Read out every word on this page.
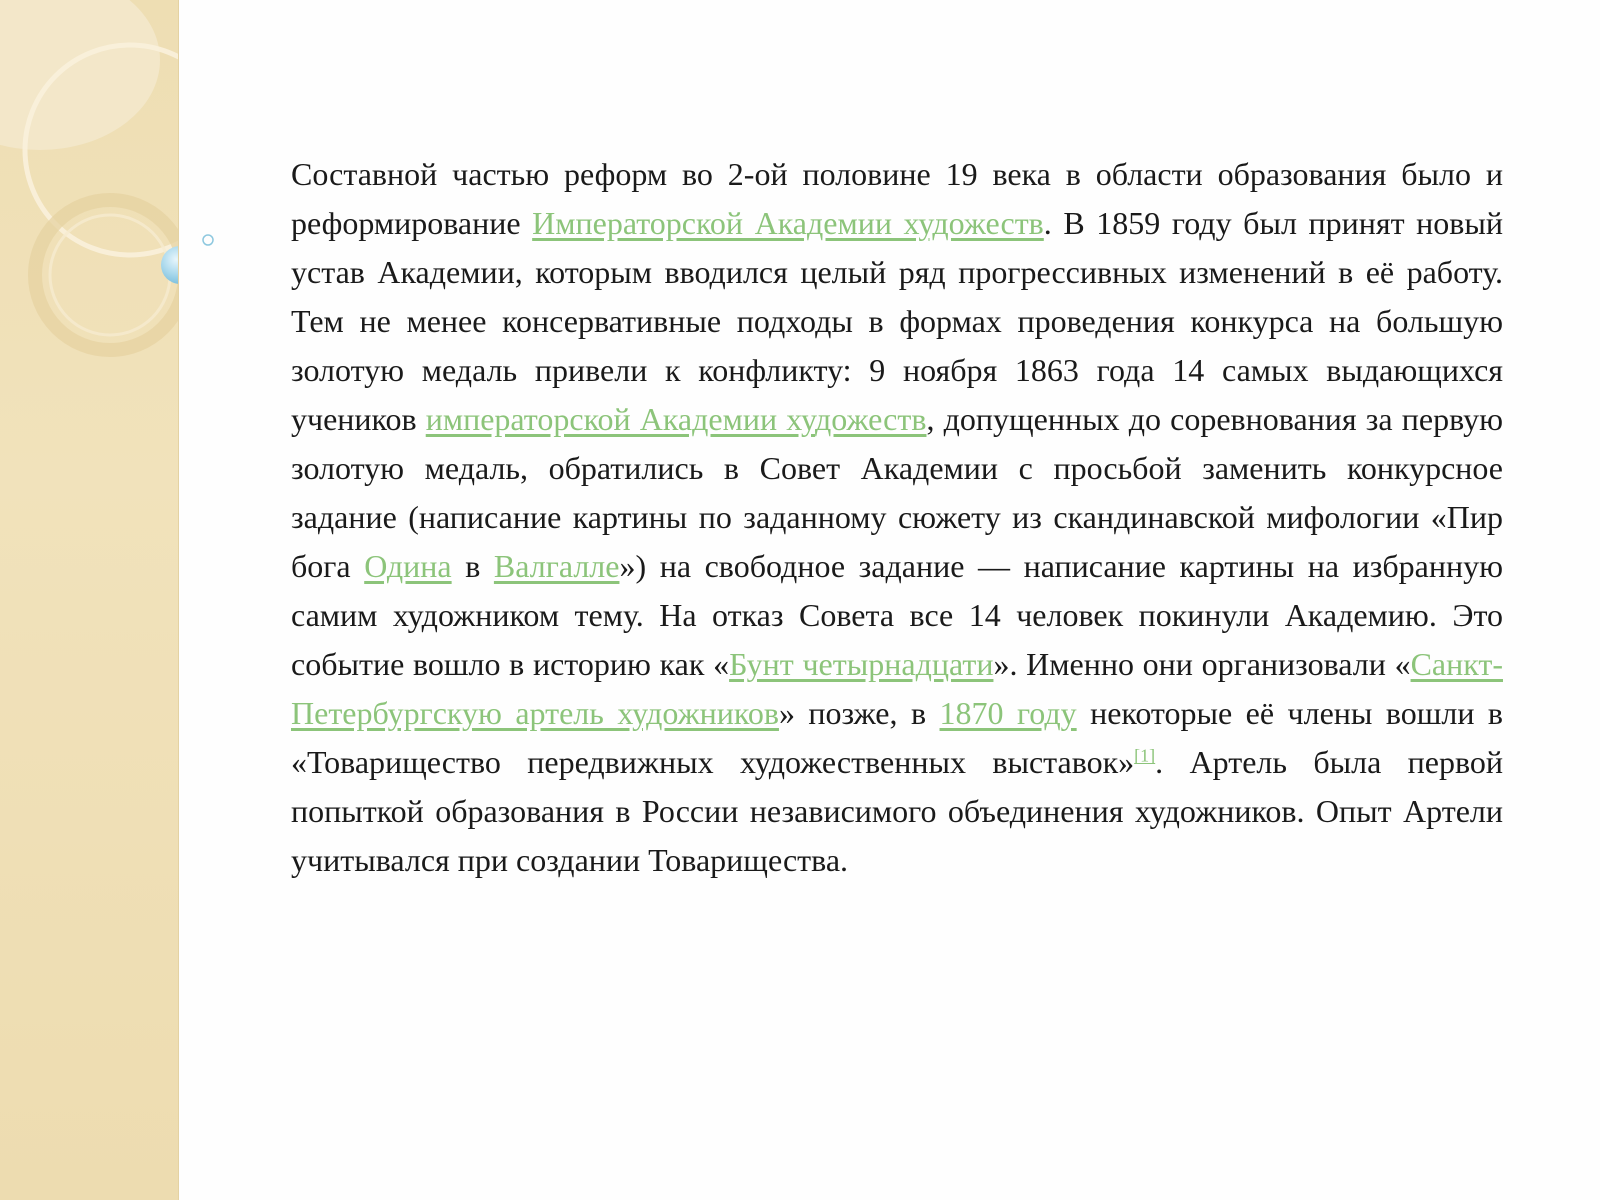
Составной частью реформ во 2-ой половине 19 века в области образования было и реформирование Императорской Академии художеств. В 1859 году был принят новый устав Академии, которым вводился целый ряд прогрессивных изменений в её работу. Тем не менее консервативные подходы в формах проведения конкурса на большую золотую медаль привели к конфликту: 9 ноября 1863 года 14 самых выдающихся учеников императорской Академии художеств, допущенных до соревнования за первую золотую медаль, обратились в Совет Академии с просьбой заменить конкурсное задание (написание картины по заданному сюжету из скандинавской мифологии «Пир бога Одина в Валгалле») на свободное задание — написание картины на избранную самим художником тему. На отказ Совета все 14 человек покинули Академию. Это событие вошло в историю как «Бунт четырнадцати». Именно они организовали «Санкт-Петербургскую артель художников» позже, в 1870 году некоторые её члены вошли в «Товарищество передвижных художественных выставок»[1]. Артель была первой попыткой образования в России независимого объединения художников. Опыт Артели учитывался при создании Товарищества.
